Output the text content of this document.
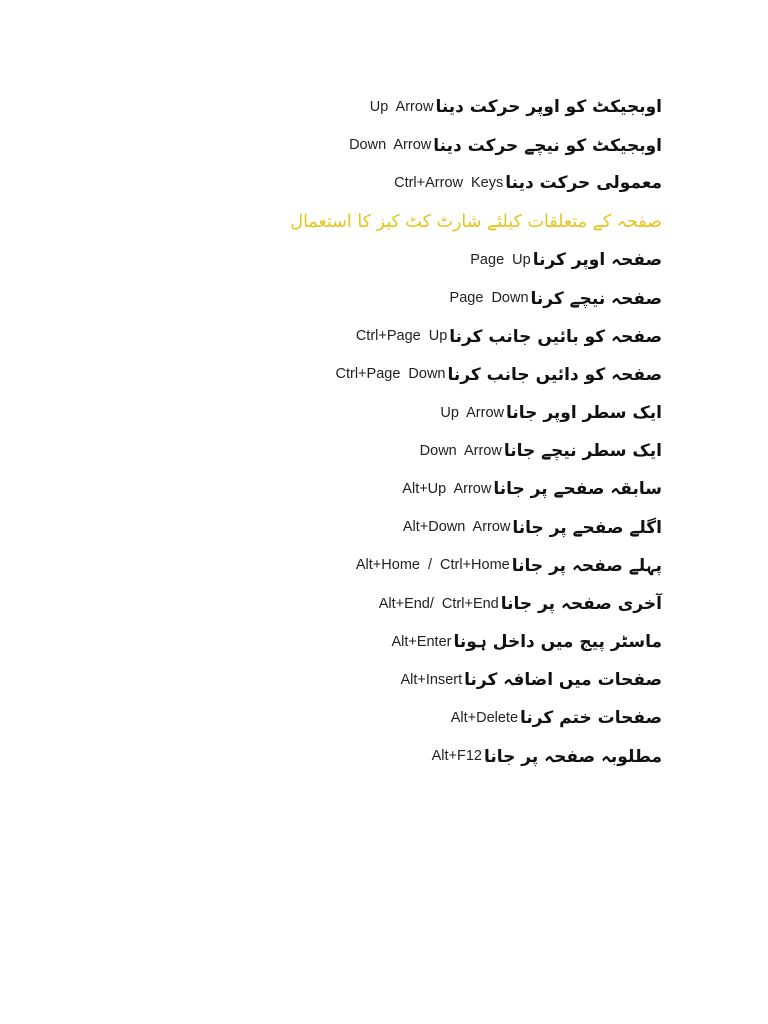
اوبجیکٹ کو اوپر حرکت دینا
Up Arrow
اوبجیکٹ کو نیچے حرکت دینا
Down Arrow
معمولی حرکت دینا
Ctrl+Arrow Keys
صفحہ کے متعلقات کیلئے شارٹ کٹ کیز کا استعمال
صفحہ اوپر کرنا
Page Up
صفحہ نیچے کرنا
Page Down
صفحہ کو بائیں جانب کرنا
Ctrl+Page Up
صفحہ کو دائیں جانب کرنا
Ctrl+Page Down
ایک سطر اوپر جانا
Up Arrow
ایک سطر نیچے جانا
Down Arrow
سابقہ صفحے پر جانا
Alt+Up Arrow
اگلے صفحے پر جانا
Alt+Down Arrow
پہلے صفحہ پر جانا
Alt+Home / Ctrl+Home
آخری صفحہ پر جانا
Alt+End/ Ctrl+End
ماسٹر پیج میں داخل ہونا
Alt+Enter
صفحات میں اضافہ کرنا
Alt+Insert
صفحات ختم کرنا
Alt+Delete
مطلوبہ صفحہ پر جانا
Alt+F12
